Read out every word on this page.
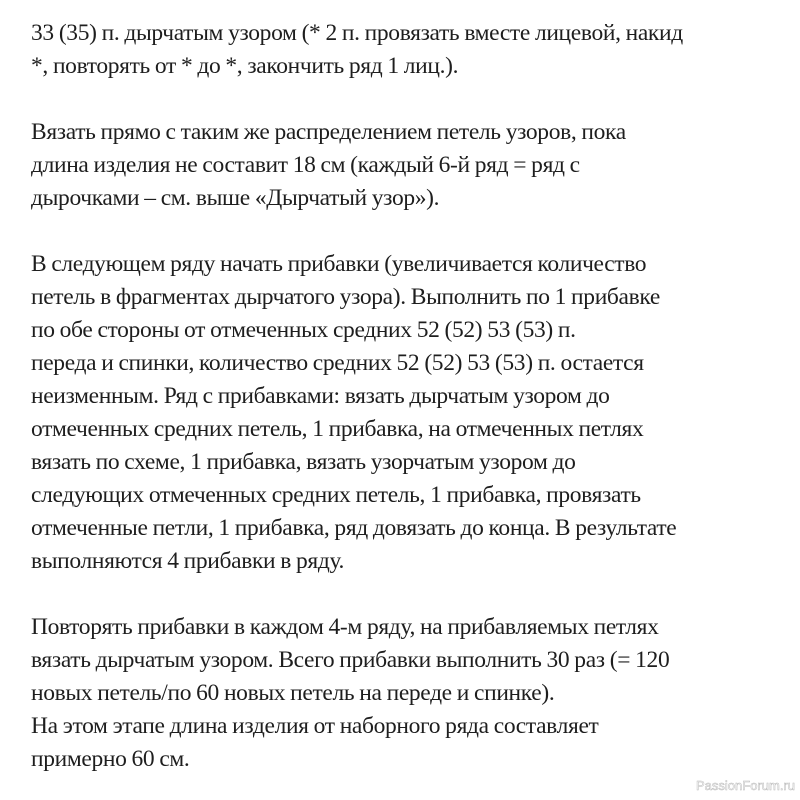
33 (35) п. дырчатым узором (* 2 п. провязать вместе лицевой, накид
*, повторять от * до *, закончить ряд 1 лиц.).

Вязать прямо с таким же распределением петель узоров, пока
длина изделия не составит 18 см (каждый 6-й ряд = ряд с
дырочками – см. выше «Дырчатый узор»).

В следующем ряду начать прибавки (увеличивается количество
петель в фрагментах дырчатого узора). Выполнить по 1 прибавке
по обе стороны от отмеченных средних 52 (52) 53 (53) п.
переда и спинки, количество средних 52 (52) 53 (53) п. остается
неизменным. Ряд с прибавками: вязать дырчатым узором до
отмеченных средних петель, 1 прибавка, на отмеченных петлях
вязать по схеме, 1 прибавка, вязать узорчатым узором до
следующих отмеченных средних петель, 1 прибавка, провязать
отмеченные петли, 1 прибавка, ряд довязать до конца. В результате
выполняются 4 прибавки в ряду.

Повторять прибавки в каждом 4-м ряду, на прибавляемых петлях
вязать дырчатым узором. Всего прибавки выполнить 30 раз (= 120
новых петель/по 60 новых петель на переде и спинке).
На этом этапе длина изделия от наборного ряда составляет
примерно 60 см.

PassionForum.ru
